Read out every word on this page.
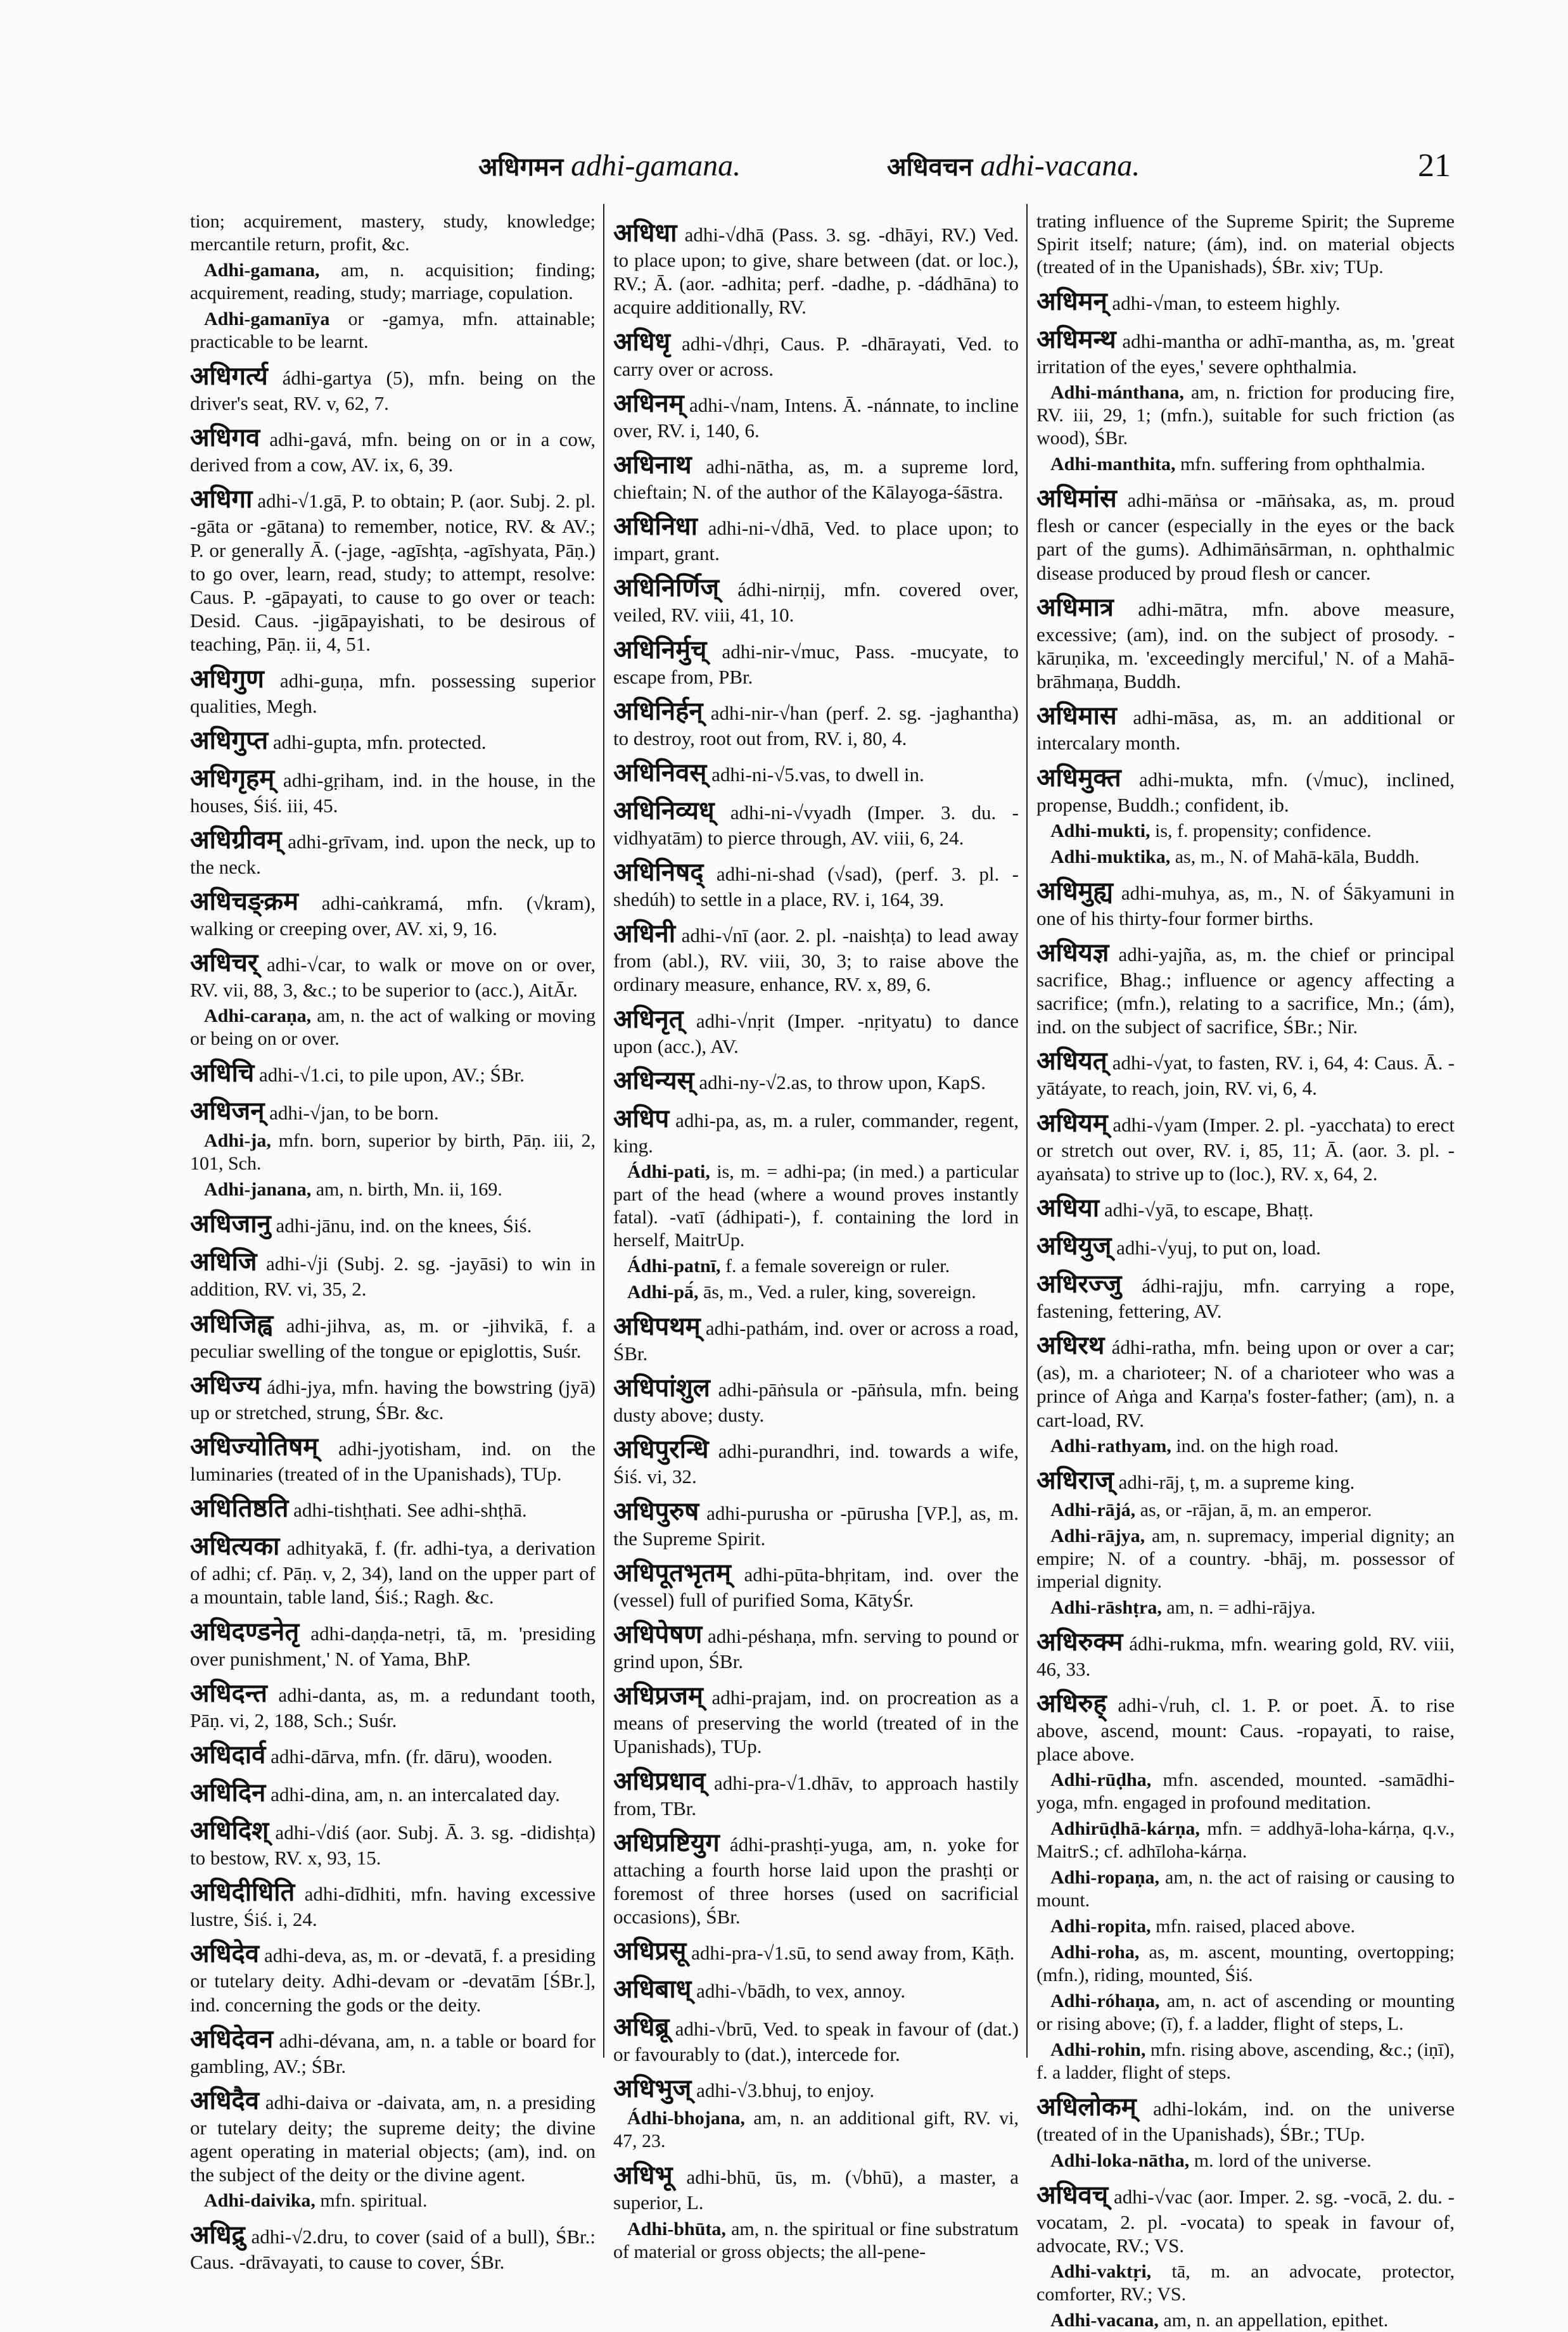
अधिगमन adhi-gamana.	अधिवचन adhi-vacana.	21

tion; acquirement, mastery, study, knowledge; mercantile return, profit, &c.

Adhi-gamana, am, n. acquisition; finding; acquirement, reading, study; marriage, copulation.

Adhi-gamanīya or -gamya, mfn. attainable; practicable to be learnt.

अधिगर्त्य ádhi-gartya (5), mfn. being on the driver's seat, RV. v, 62, 7.

अधिगव adhi-gavá, mfn. being on or in a cow, derived from a cow, AV. ix, 6, 39.

अधिगा adhi-√1.gā, P. to obtain; P. (aor. Subj. 2. pl. -gāta or -gātana) to remember, notice, RV. & AV.; P. or generally Ā. (-jage, -agīshṭa, -agīshyata, Pāṇ.) to go over, learn, read, study; to attempt, resolve: Caus. P. -gāpayati, to cause to go over or teach: Desid. Caus. -jigāpayishati, to be desirous of teaching, Pāṇ. ii, 4, 51.

अधिगुण adhi-guṇa, mfn. possessing superior qualities, Megh.

अधिगुप्त adhi-gupta, mfn. protected.

अधिगृहम् adhi-gṛiham, ind. in the house, in the houses, Śiś. iii, 45.

अधिग्रीवम् adhi-grīvam, ind. upon the neck, up to the neck.

अधिचङ्क्रम adhi-caṅkramá, mfn. (√kram), walking or creeping over, AV. xi, 9, 16.

अधिचर् adhi-√car, to walk or move on or over, RV. vii, 88, 3, &c.; to be superior to (acc.), AitĀr.

Adhi-caraṇa, am, n. the act of walking or moving or being on or over.

अधिचि adhi-√1.ci, to pile upon, AV.; ŚBr.

अधिजन् adhi-√jan, to be born.

Adhi-ja, mfn. born, superior by birth, Pāṇ. iii, 2, 101, Sch.

Adhi-janana, am, n. birth, Mn. ii, 169.

अधिजानु adhi-jānu, ind. on the knees, Śiś.

अधिजि adhi-√ji (Subj. 2. sg. -jayāsi) to win in addition, RV. vi, 35, 2.

अधिजिह्व adhi-jihva, as, m. or -jihvikā, f. a peculiar swelling of the tongue or epiglottis, Suśr.

अधिज्य ádhi-jya, mfn. having the bowstring (jyā) up or stretched, strung, ŚBr. &c.

अधिज्योतिषम् adhi-jyotisham, ind. on the luminaries (treated of in the Upanishads), TUp.

अधितिष्ठति adhi-tishṭhati. See adhi-shṭhā.

अधित्यका adhityakā, f. (fr. adhi-tya, a derivation of adhi; cf. Pāṇ. v, 2, 34), land on the upper part of a mountain, table land, Śiś.; Ragh. &c.

अधिदण्डनेतृ adhi-daṇḍa-netṛi, tā, m. 'presiding over punishment,' N. of Yama, BhP.

अधिदन्त adhi-danta, as, m. a redundant tooth, Pāṇ. vi, 2, 188, Sch.; Suśr.

अधिदार्व adhi-dārva, mfn. (fr. dāru), wooden.

अधिदिन adhi-dina, am, n. an intercalated day.

अधिदिश् adhi-√diś (aor. Subj. Ā. 3. sg. -didishṭa) to bestow, RV. x, 93, 15.

अधिदीधिति adhi-dīdhiti, mfn. having excessive lustre, Śiś. i, 24.

अधिदेव adhi-deva, as, m. or -devatā, f. a presiding or tutelary deity. Adhi-devam or -devatām [ŚBr.], ind. concerning the gods or the deity.

अधिदेवन adhi-dévana, am, n. a table or board for gambling, AV.; ŚBr.

अधिदैव adhi-daiva or -daivata, am, n. a presiding or tutelary deity; the supreme deity; the divine agent operating in material objects; (am), ind. on the subject of the deity or the divine agent.

Adhi-daivika, mfn. spiritual.

अधिद्रु adhi-√2.dru, to cover (said of a bull), ŚBr.: Caus. -drāvayati, to cause to cover, ŚBr.

अधिधा adhi-√dhā (Pass. 3. sg. -dhāyi, RV.) Ved. to place upon; to give, share between (dat. or loc.), RV.; Ā. (aor. -adhita; perf. -dadhe, p. -dádhāna) to acquire additionally, RV.

अधिधृ adhi-√dhṛi, Caus. P. -dhārayati, Ved. to carry over or across.

अधिनम् adhi-√nam, Intens. Ā. -nánnate, to incline over, RV. i, 140, 6.

अधिनाथ adhi-nātha, as, m. a supreme lord, chieftain; N. of the author of the Kālayoga-śāstra.

अधिनिधा adhi-ni-√dhā, Ved. to place upon; to impart, grant.

अधिनिर्णिज् ádhi-nirṇij, mfn. covered over, veiled, RV. viii, 41, 10.

अधिनिर्मुच् adhi-nir-√muc, Pass. -mucyate, to escape from, PBr.

अधिनिर्हन् adhi-nir-√han (perf. 2. sg. -jaghantha) to destroy, root out from, RV. i, 80, 4.

अधिनिवस् adhi-ni-√5.vas, to dwell in.

अधिनिव्यध् adhi-ni-√vyadh (Imper. 3. du. -vidhyatām) to pierce through, AV. viii, 6, 24.

अधिनिषद् adhi-ni-shad (√sad), (perf. 3. pl. -shedúh) to settle in a place, RV. i, 164, 39.

अधिनी adhi-√nī (aor. 2. pl. -naishṭa) to lead away from (abl.), RV. viii, 30, 3; to raise above the ordinary measure, enhance, RV. x, 89, 6.

अधिनृत् adhi-√nṛit (Imper. -nṛityatu) to dance upon (acc.), AV.

अधिन्यस् adhi-ny-√2.as, to throw upon, KapS.

अधिप adhi-pa, as, m. a ruler, commander, regent, king.

Ádhi-pati, is, m. = adhi-pa; (in med.) a particular part of the head (where a wound proves instantly fatal). -vatī (ádhipati-), f. containing the lord in herself, MaitrUp.

Ádhi-patnī, f. a female sovereign or ruler.

Adhi-pā́, ās, m., Ved. a ruler, king, sovereign.

अधिपथम् adhi-pathám, ind. over or across a road, ŚBr.

अधिपांशुल adhi-pāṅsula or -pāṅsula, mfn. being dusty above; dusty.

अधिपुरन्धि adhi-purandhri, ind. towards a wife, Śiś. vi, 32.

अधिपुरुष adhi-purusha or -pūrusha [VP.], as, m. the Supreme Spirit.

अधिपूतभृतम् adhi-pūta-bhṛitam, ind. over the (vessel) full of purified Soma, KātyŚr.

अधिपेषण adhi-péshaṇa, mfn. serving to pound or grind upon, ŚBr.

अधिप्रजम् adhi-prajam, ind. on procreation as a means of preserving the world (treated of in the Upanishads), TUp.

अधिप्रधाव् adhi-pra-√1.dhāv, to approach hastily from, TBr.

अधिप्रष्टियुग ádhi-prashṭi-yuga, am, n. yoke for attaching a fourth horse laid upon the prashṭi or foremost of three horses (used on sacrificial occasions), ŚBr.

अधिप्रसू adhi-pra-√1.sū, to send away from, Kāṭh.

अधिबाध् adhi-√bādh, to vex, annoy.

अधिब्रू adhi-√brū, Ved. to speak in favour of (dat.) or favourably to (dat.), intercede for.

अधिभुज् adhi-√3.bhuj, to enjoy.

Ádhi-bhojana, am, n. an additional gift, RV. vi, 47, 23.

अधिभू adhi-bhū, ūs, m. (√bhū), a master, a superior, L.

Adhi-bhūta, am, n. the spiritual or fine substratum of material or gross objects; the all-pene-

trating influence of the Supreme Spirit; the Supreme Spirit itself; nature; (ám), ind. on material objects (treated of in the Upanishads), ŚBr. xiv; TUp.

अधिमन् adhi-√man, to esteem highly.

अधिमन्थ adhi-mantha or adhī-mantha, as, m. 'great irritation of the eyes,' severe ophthalmia.

Adhi-mánthana, am, n. friction for producing fire, RV. iii, 29, 1; (mfn.), suitable for such friction (as wood), ŚBr.

Adhi-manthita, mfn. suffering from ophthalmia.

अधिमांस adhi-māṅsa or -māṅsaka, as, m. proud flesh or cancer (especially in the eyes or the back part of the gums). Adhimāṅsārman, n. ophthalmic disease produced by proud flesh or cancer.

अधिमात्र adhi-mātra, mfn. above measure, excessive; (am), ind. on the subject of prosody. -kāruṇika, m. 'exceedingly merciful,' N. of a Mahā-brāhmaṇa, Buddh.

अधिमास adhi-māsa, as, m. an additional or intercalary month.

अधिमुक्त adhi-mukta, mfn. (√muc), inclined, propense, Buddh.; confident, ib.

Adhi-mukti, is, f. propensity; confidence.

Adhi-muktika, as, m., N. of Mahā-kāla, Buddh.

अधिमुह्य adhi-muhya, as, m., N. of Śākyamuni in one of his thirty-four former births.

अधियज्ञ adhi-yajña, as, m. the chief or principal sacrifice, Bhag.; influence or agency affecting a sacrifice; (mfn.), relating to a sacrifice, Mn.; (ám), ind. on the subject of sacrifice, ŚBr.; Nir.

अधियत् adhi-√yat, to fasten, RV. i, 64, 4: Caus. Ā. -yātáyate, to reach, join, RV. vi, 6, 4.

अधियम् adhi-√yam (Imper. 2. pl. -yacchata) to erect or stretch out over, RV. i, 85, 11; Ā. (aor. 3. pl. -ayaṅsata) to strive up to (loc.), RV. x, 64, 2.

अधिया adhi-√yā, to escape, Bhaṭṭ.

अधियुज् adhi-√yuj, to put on, load.

अधिरज्जु ádhi-rajju, mfn. carrying a rope, fastening, fettering, AV.

अधिरथ ádhi-ratha, mfn. being upon or over a car; (as), m. a charioteer; N. of a charioteer who was a prince of Aṅga and Karṇa's foster-father; (am), n. a cart-load, RV.

Adhi-rathyam, ind. on the high road.

अधिराज् adhi-rāj, ṭ, m. a supreme king.

Adhi-rājá, as, or -rājan, ā, m. an emperor.

Adhi-rājya, am, n. supremacy, imperial dignity; an empire; N. of a country. -bhāj, m. possessor of imperial dignity.

Adhi-rāshṭra, am, n. = adhi-rājya.

अधिरुक्म ádhi-rukma, mfn. wearing gold, RV. viii, 46, 33.

अधिरुह् adhi-√ruh, cl. 1. P. or poet. Ā. to rise above, ascend, mount: Caus. -ropayati, to raise, place above.

Adhi-rūḍha, mfn. ascended, mounted. -samādhi-yoga, mfn. engaged in profound meditation.

Adhirūḍhā-kárṇa, mfn. = addhyā-loha-kárṇa, q.v., MaitrS.; cf. adhīloha-kárṇa.

Adhi-ropaṇa, am, n. the act of raising or causing to mount.

Adhi-ropita, mfn. raised, placed above.

Adhi-roha, as, m. ascent, mounting, overtopping; (mfn.), riding, mounted, Śiś.

Adhi-róhaṇa, am, n. act of ascending or mounting or rising above; (ī), f. a ladder, flight of steps, L.

Adhi-rohin, mfn. rising above, ascending, &c.; (iṇī), f. a ladder, flight of steps.

अधिलोकम् adhi-lokám, ind. on the universe (treated of in the Upanishads), ŚBr.; TUp.

Adhi-loka-nātha, m. lord of the universe.

अधिवच् adhi-√vac (aor. Imper. 2. sg. -vocā, 2. du. -vocatam, 2. pl. -vocata) to speak in favour of, advocate, RV.; VS.

Adhi-vaktṛi, tā, m. an advocate, protector, comforter, RV.; VS.

Adhi-vacana, am, n. an appellation, epithet.
